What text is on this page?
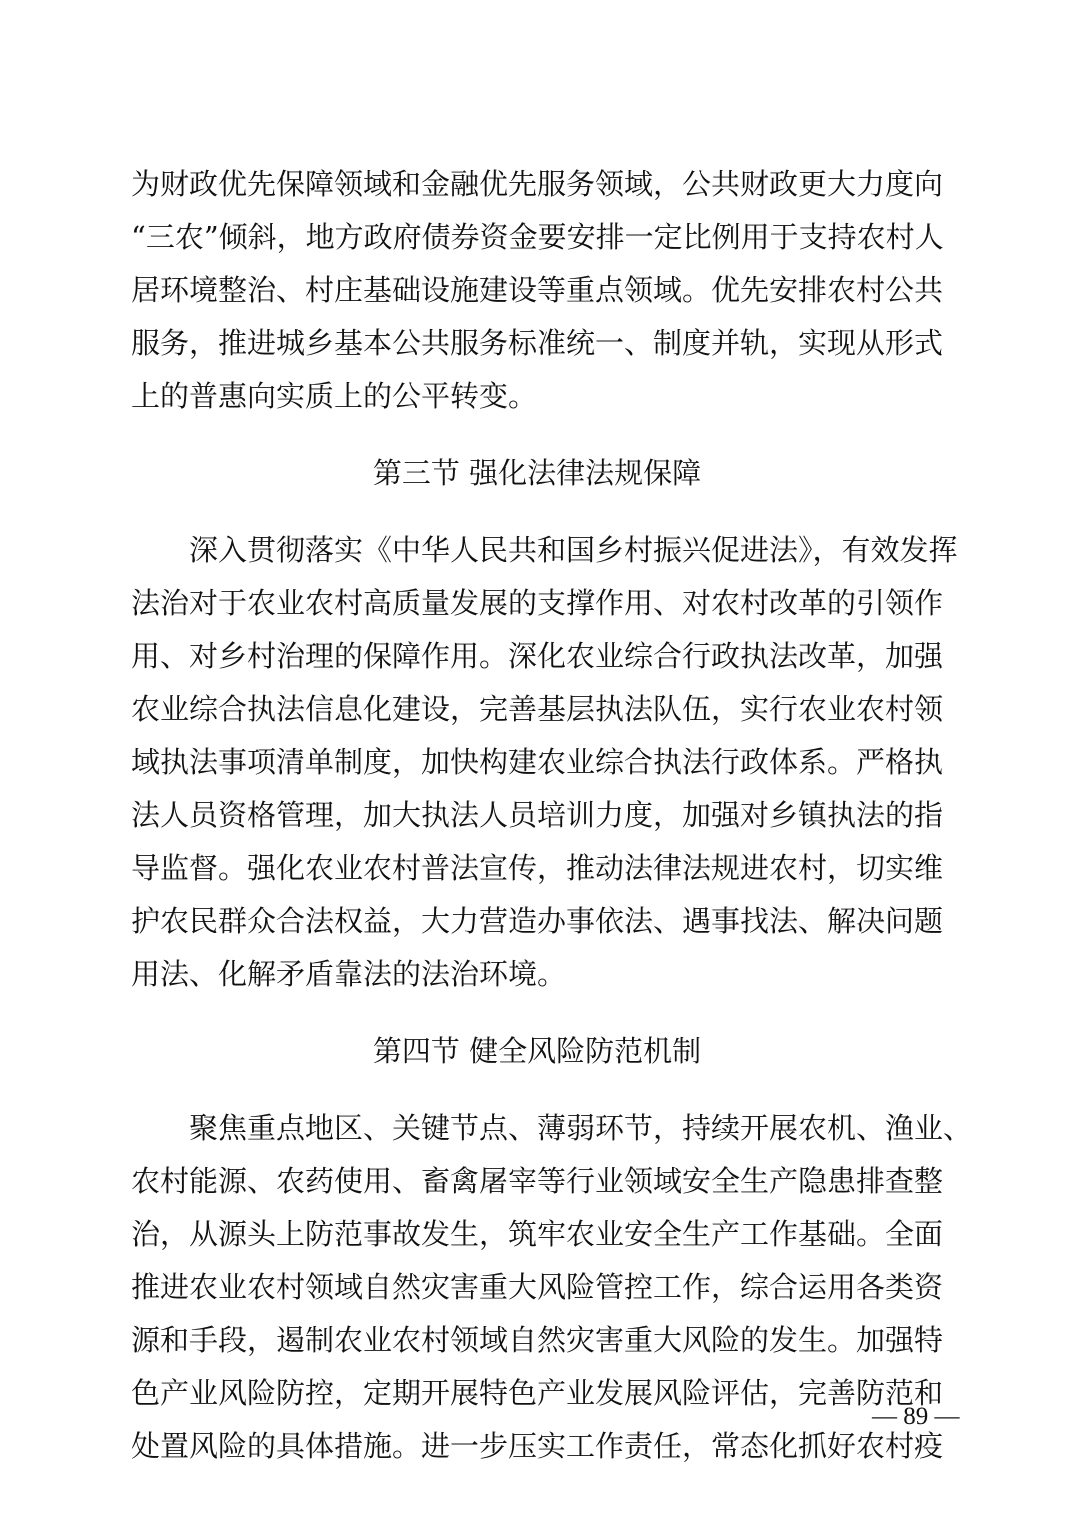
为财政优先保障领域和金融优先服务领域，公共财政更大力度向
“三农”倾斜，地方政府债券资金要安排一定比例用于支持农村人
居环境整治、村庄基础设施建设等重点领域。优先安排农村公共
服务，推进城乡基本公共服务标准统一、制度并轨，实现从形式
上的普惠向实质上的公平转变。
第三节 强化法律法规保障
深入贯彻落实《中华人民共和国乡村振兴促进法》，有效发挥
法治对于农业农村高质量发展的支撑作用、对农村改革的引领作
用、对乡村治理的保障作用。深化农业综合行政执法改革，加强
农业综合执法信息化建设，完善基层执法队伍，实行农业农村领
域执法事项清单制度，加快构建农业综合执法行政体系。严格执
法人员资格管理，加大执法人员培训力度，加强对乡镇执法的指
导监督。强化农业农村普法宣传，推动法律法规进农村，切实维
护农民群众合法权益，大力营造办事依法、遇事找法、解决问题
用法、化解矛盾靠法的法治环境。
第四节 健全风险防范机制
聚焦重点地区、关键节点、薄弱环节，持续开展农机、渔业、
农村能源、农药使用、畜禽屠宰等行业领域安全生产隐患排查整
治，从源头上防范事故发生，筑牢农业安全生产工作基础。全面
推进农业农村领域自然灾害重大风险管控工作，综合运用各类资
源和手段，遏制农业农村领域自然灾害重大风险的发生。加强特
色产业风险防控，定期开展特色产业发展风险评估，完善防范和
处置风险的具体措施。进一步压实工作责任，常态化抓好农村疫
— 89 —
